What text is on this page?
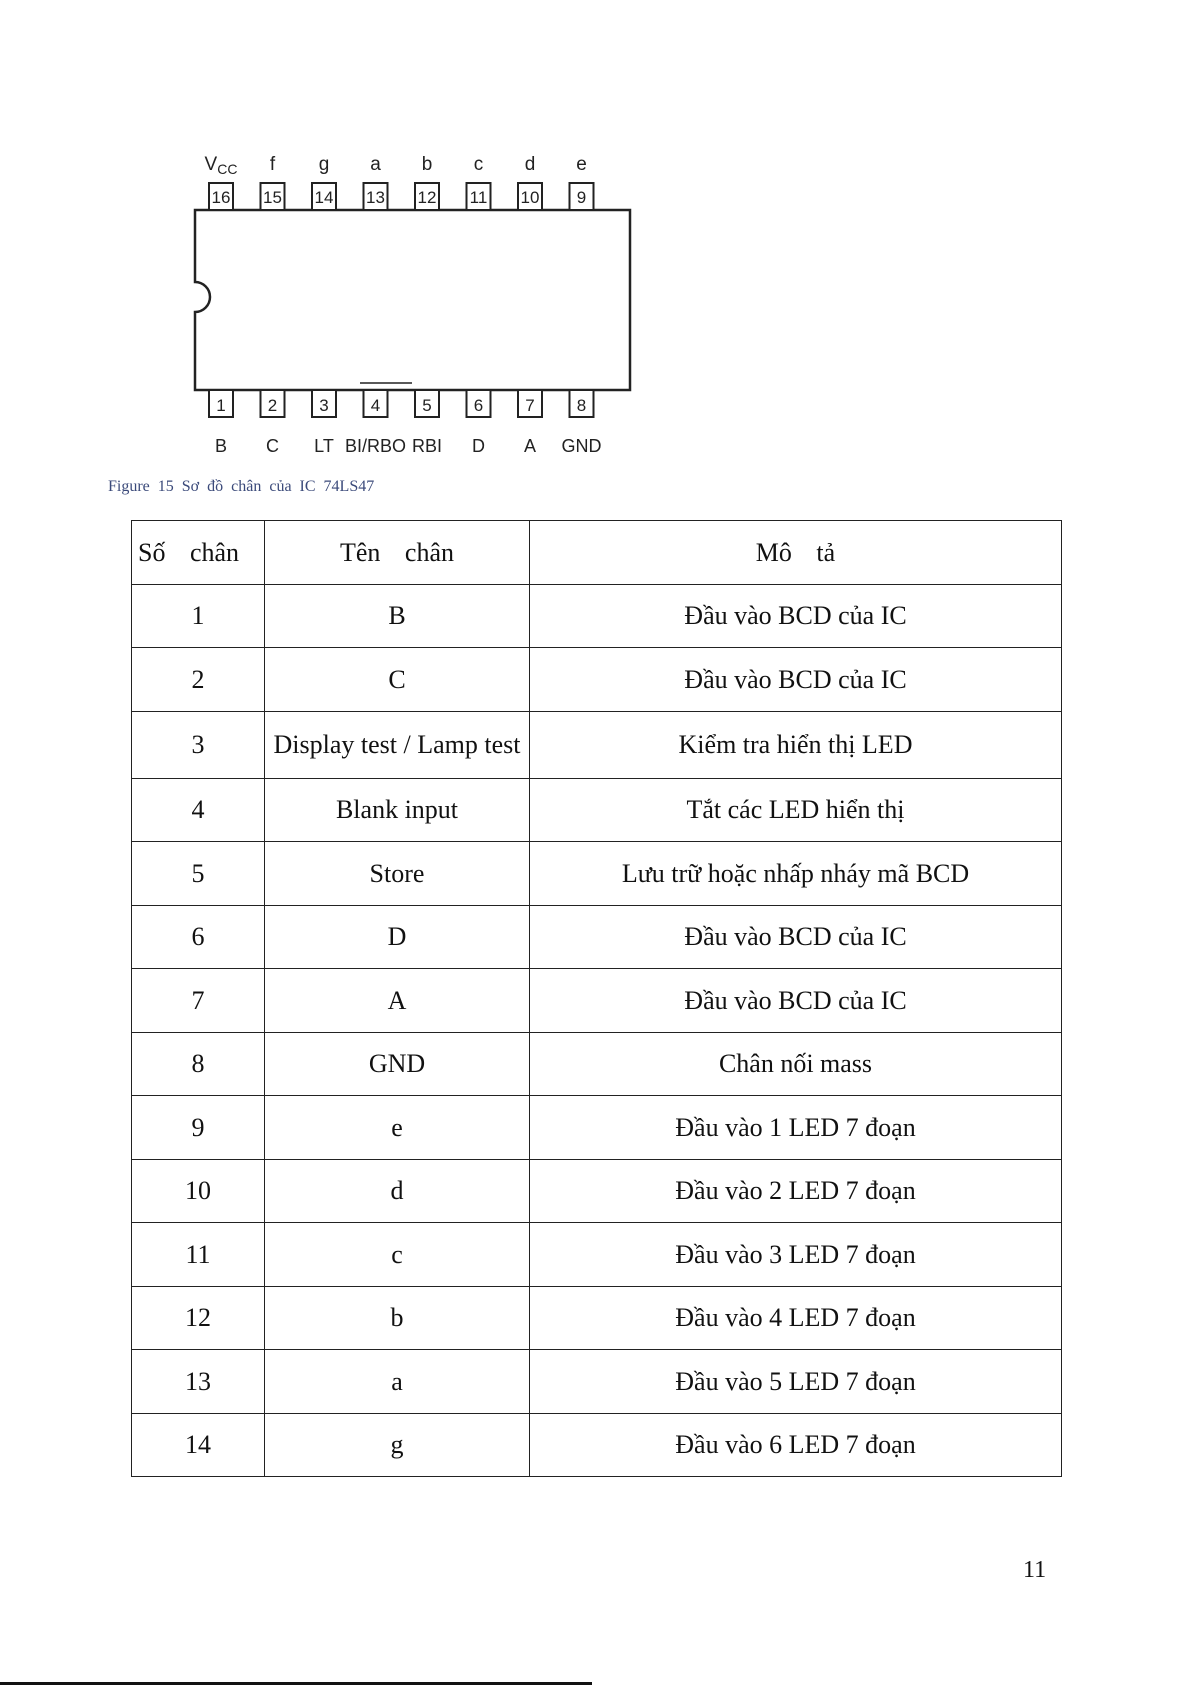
16
$V_{CC}$
15
f
14
g
13
a
12
b
11
c
10
d
9
e
1
B
2
C
3
LT
4
BI/RBO
5
RBI
6
D
7
A
8
GND
Figure 15 Sơ đồ chân của IC 74LS47
Số chân	Tên chân	Mô tả
1	B	Đầu vào BCD của IC
2	C	Đầu vào BCD của IC
3	Display test / Lamp test	Kiểm tra hiển thị LED
4	Blank input	Tắt các LED hiển thị
5	Store	Lưu trữ hoặc nhấp nháy mã BCD
6	D	Đầu vào BCD của IC
7	A	Đầu vào BCD của IC
8	GND	Chân nối mass
9	e	Đầu vào 1 LED 7 đoạn
10	d	Đầu vào 2 LED 7 đoạn
11	c	Đầu vào 3 LED 7 đoạn
12	b	Đầu vào 4 LED 7 đoạn
13	a	Đầu vào 5 LED 7 đoạn
14	g	Đầu vào 6 LED 7 đoạn
11
